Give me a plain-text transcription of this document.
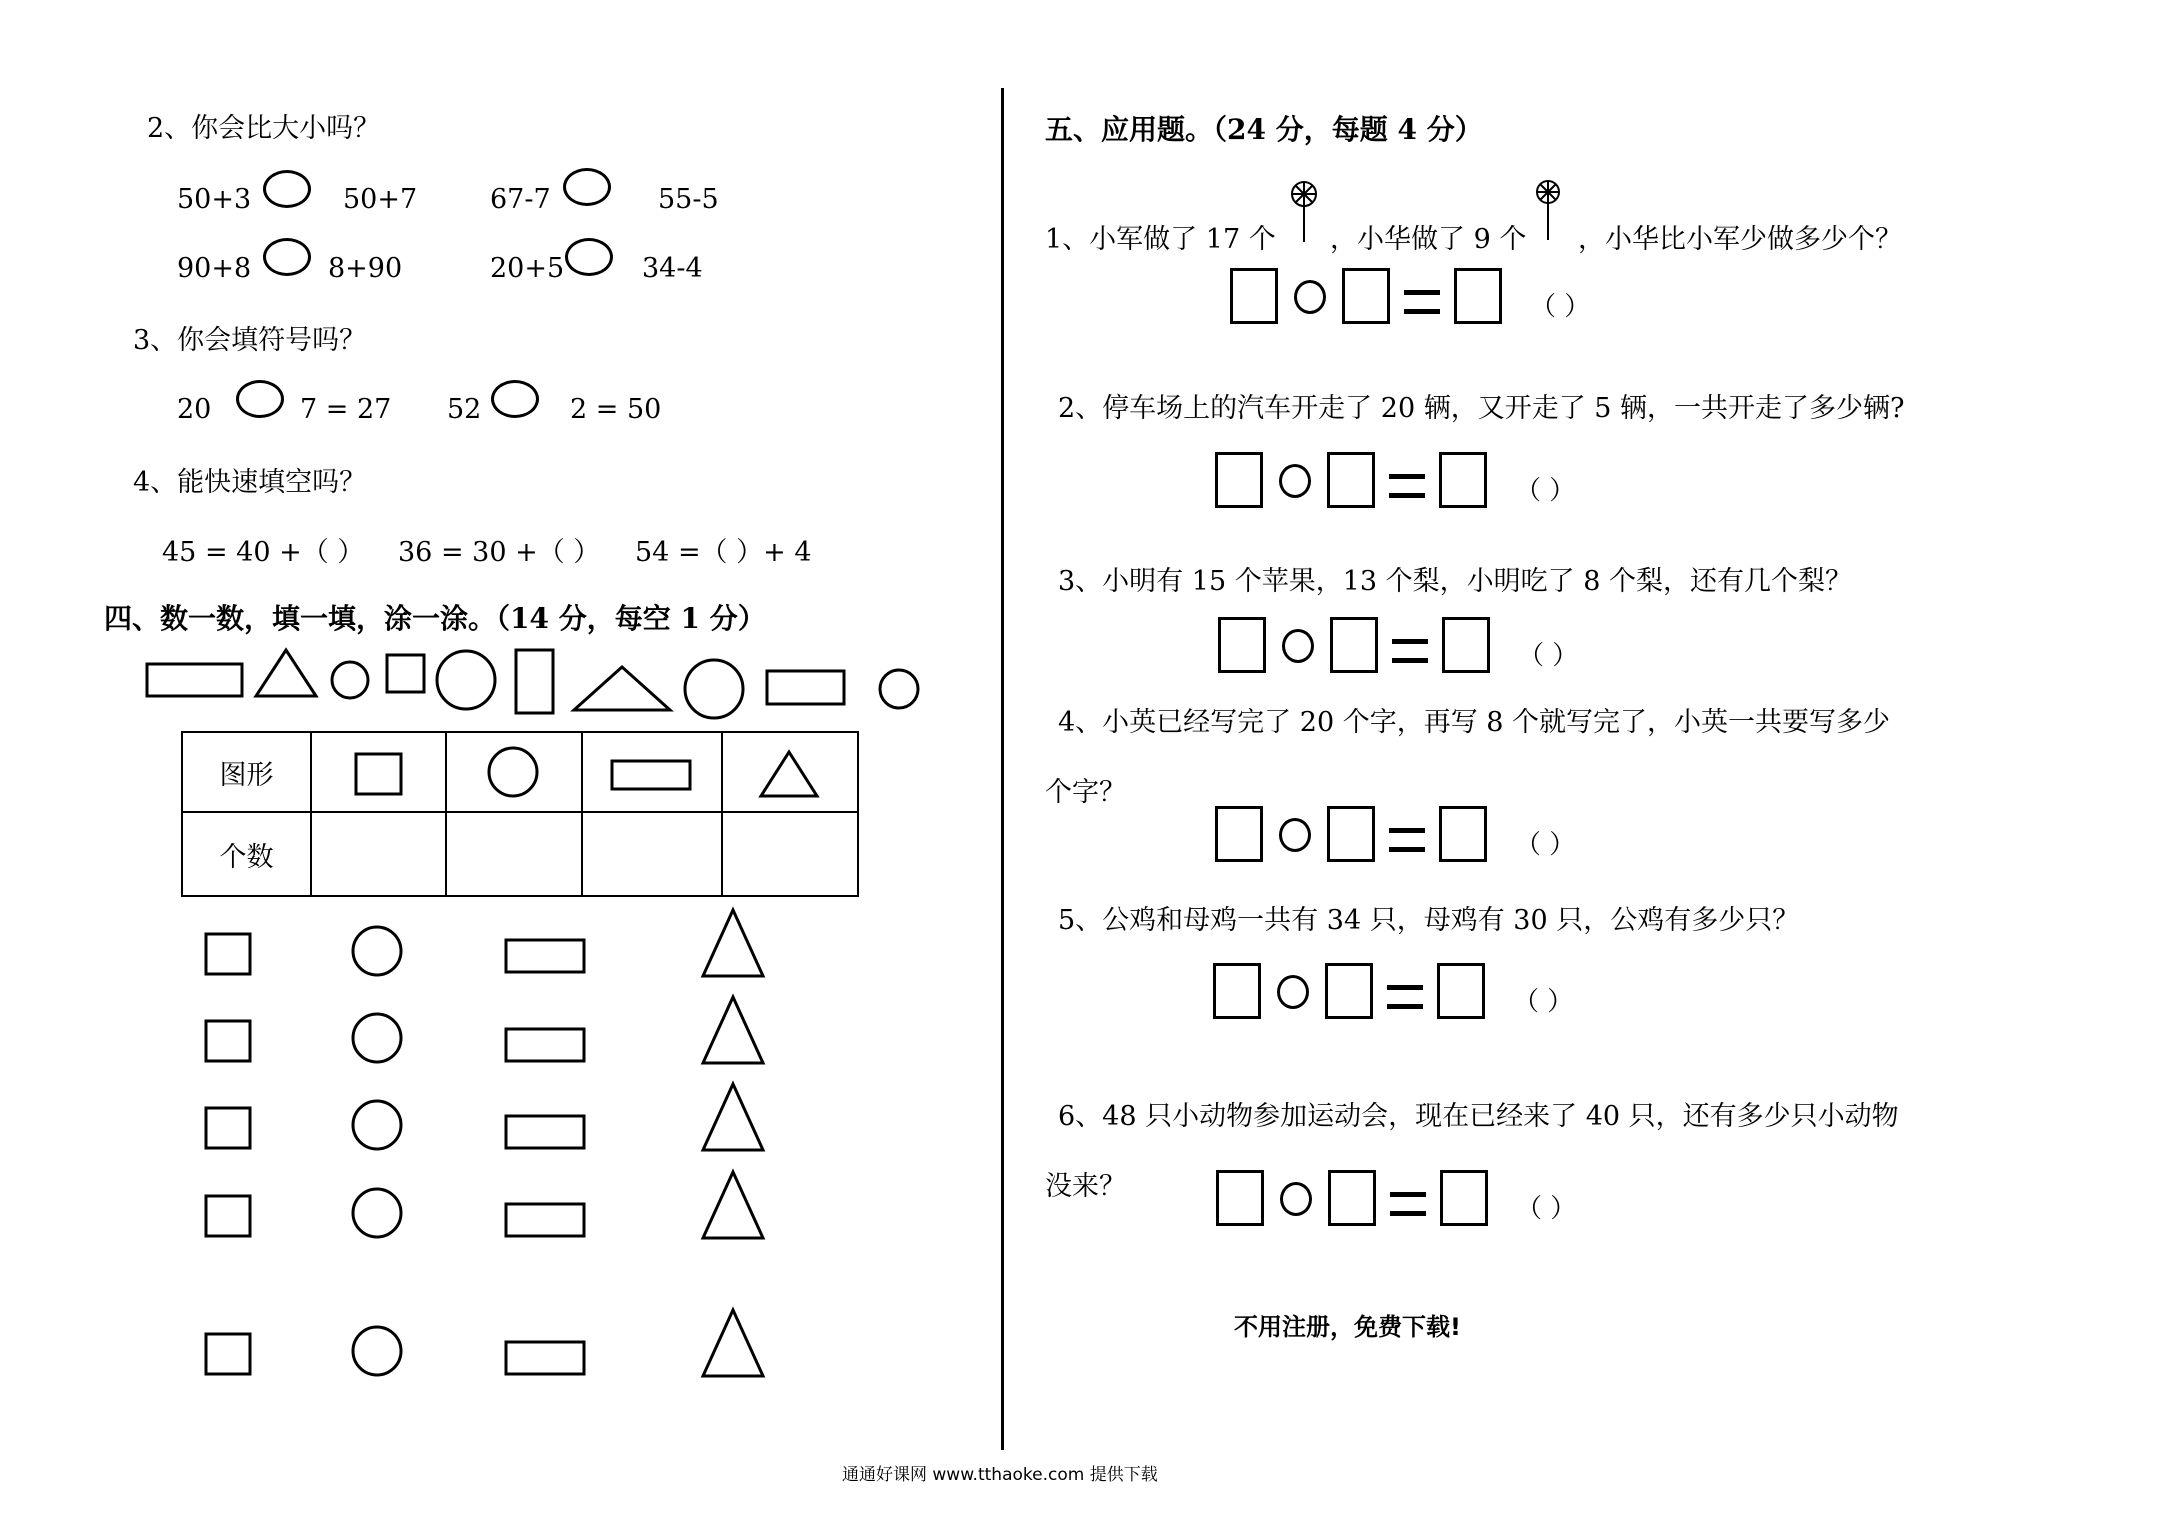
2、你会比大小吗？
50+3	50+7	67-7	55-5
90+8	8+90	20+5	34-4
3、你会填符号吗？
20	7 = 27 52	2 = 50
4、能快速填空吗？
45 = 40 +（ ） 36 = 30 +（ ） 54 =（ ）+ 4
四、数一数，填一填，涂一涂。（14 分，每空 1 分）
图形	

个数				
五、应用题。（24 分，每题 4 分）
1、小军做了 17 个 ，小华做了 9 个 ，小华比小军少做多少个？
（ ）
2、停车场上的汽车开走了 20 辆，又开走了 5 辆，一共开走了多少辆?
（ ）
3、小明有 15 个苹果，13 个梨，小明吃了 8 个梨，还有几个梨？
（ ）
4、小英已经写完了 20 个字，再写 8 个就写完了，小英一共要写多少
个字？
（ ）
5、公鸡和母鸡一共有 34 只，母鸡有 30 只，公鸡有多少只？
（ ）
6、48 只小动物参加运动会，现在已经来了 40 只，还有多少只小动物
没来？
（ ）
不用注册，免费下载!
通通好课网 www.tthaoke.com 提供下载
